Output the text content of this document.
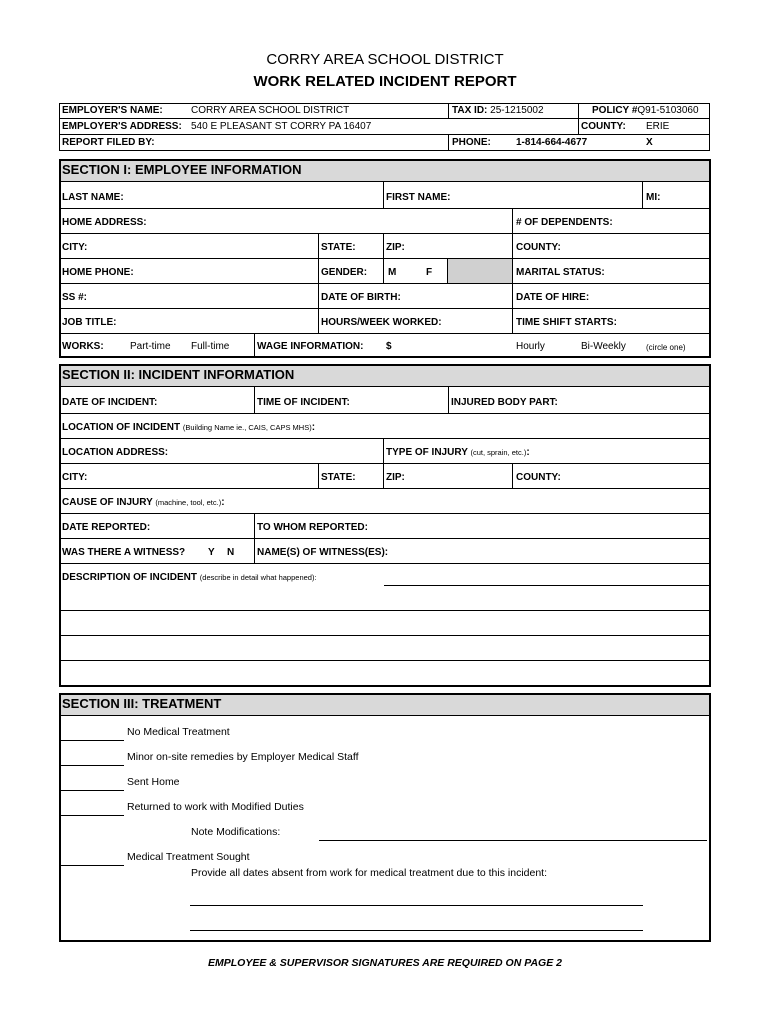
CORRY AREA SCHOOL DISTRICT
WORK RELATED INCIDENT REPORT
EMPLOYER'S NAME:	CORRY AREA SCHOOL DISTRICT	TAX ID: 25-1215002	POLICY #Q91-5103060
EMPLOYER'S ADDRESS: 540 E PLEASANT ST CORRY PA 16407	COUNTY: ERIE
REPORT FILED BY:	PHONE:	1-814-664-4677	X
SECTION I: EMPLOYEE INFORMATION
LAST NAME:	FIRST NAME:	MI:
HOME ADDRESS:	# OF DEPENDENTS:
CITY:	STATE:	ZIP:	COUNTY:
HOME PHONE:	GENDER: M	F	MARITAL STATUS:
SS #:	DATE OF BIRTH:	DATE OF HIRE:
JOB TITLE:	HOURS/WEEK WORKED:	TIME SHIFT STARTS:
WORKS:	Part-time Full-time	WAGE INFORMATION: $	Hourly	Bi-Weekly	(circle one)
SECTION II: INCIDENT INFORMATION
DATE OF INCIDENT:	TIME OF INCIDENT:	INJURED BODY PART:
LOCATION OF INCIDENT (Building Name ie., CAIS, CAPS MHS):
LOCATION ADDRESS:	TYPE OF INJURY (cut, sprain, etc.):
CITY:	STATE:	ZIP:	COUNTY:
CAUSE OF INJURY (machine, tool, etc.):
DATE REPORTED:	TO WHOM REPORTED:
WAS THERE A WITNESS? Y N NAME(S) OF WITNESS(ES):
DESCRIPTION OF INCIDENT (describe in detail what happened):
SECTION III: TREATMENT
No Medical Treatment
Minor on-site remedies by Employer Medical Staff
Sent Home
Returned to work with Modified Duties
Note Modifications:
Medical Treatment Sought
Provide all dates absent from work for medical treatment due to this incident:
EMPLOYEE & SUPERVISOR SIGNATURES ARE REQUIRED ON PAGE 2
